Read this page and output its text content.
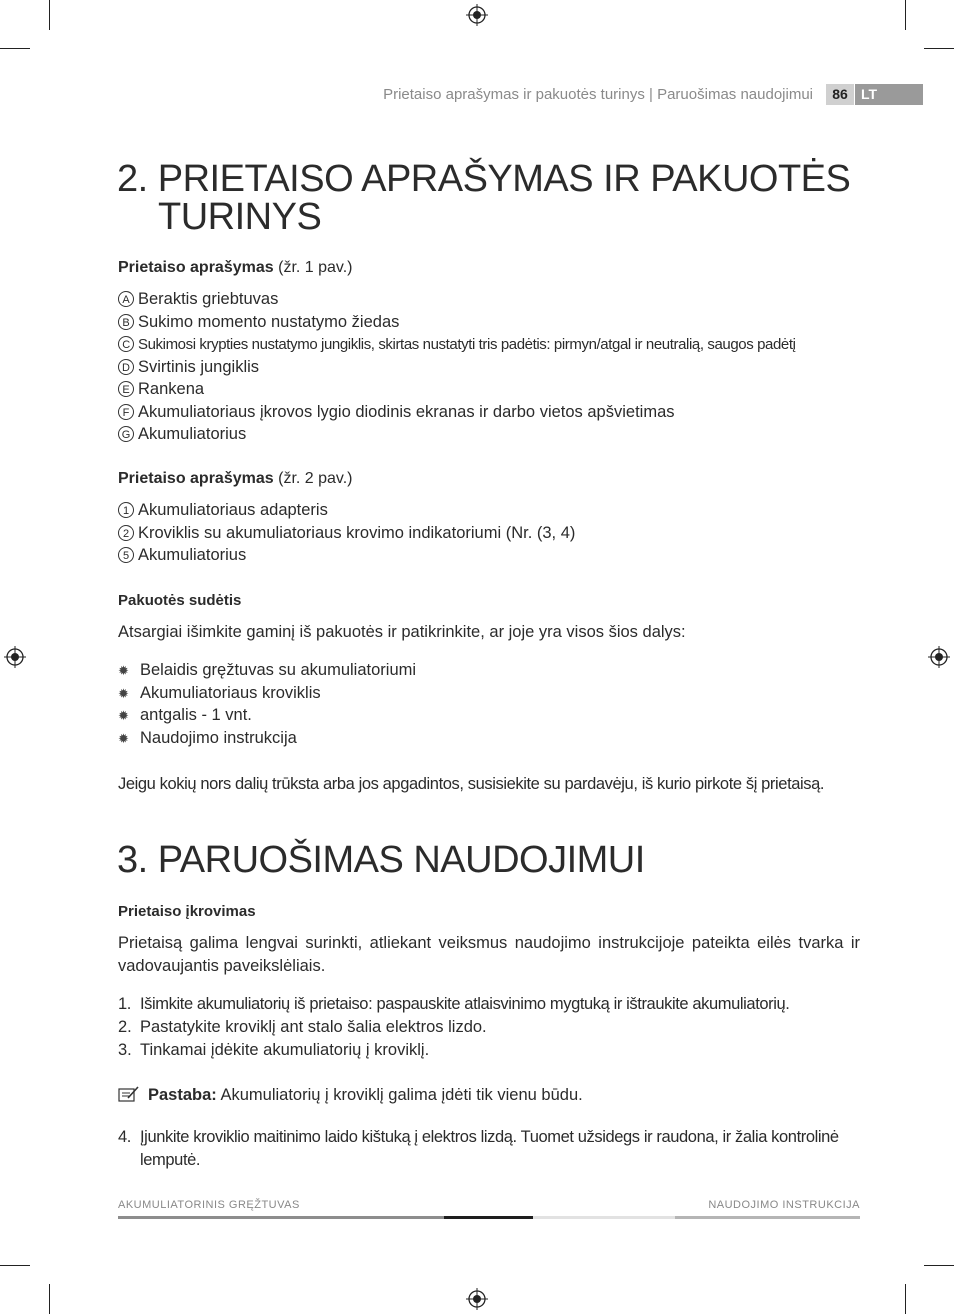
Prietaiso aprašymas ir pakuotės turinys | Paruošimas naudojimui	86 LT
2. PRIETAISO APRAŠYMAS IR PAKUOTĖS
TURINYS
Prietaiso aprašymas (žr. 1 pav.)
A Beraktis griebtuvas
B Sukimo momento nustatymo žiedas
C Sukimosi krypties nustatymo jungiklis, skirtas nustatyti tris padėtis: pirmyn/atgal ir neutralią, saugos padėtį
D Svirtinis jungiklis
E Rankena
F Akumuliatoriaus įkrovos lygio diodinis ekranas ir darbo vietos apšvietimas
G Akumuliatorius
Prietaiso aprašymas (žr. 2 pav.)
1 Akumuliatoriaus adapteris
2 Kroviklis su akumuliatoriaus krovimo indikatoriumi (Nr. (3, 4)
5 Akumuliatorius
Pakuotės sudėtis
Atsargiai išimkite gaminį iš pakuotės ir patikrinkite, ar joje yra visos šios dalys:
✹ Belaidis gręžtuvas su akumuliatoriumi
✹ Akumuliatoriaus kroviklis
✹ antgalis - 1 vnt.
✹ Naudojimo instrukcija
Jeigu kokių nors dalių trūksta arba jos apgadintos, susisiekite su pardavėju, iš kurio pirkote šį prietaisą.
3. PARUOŠIMAS NAUDOJIMUI
Prietaiso įkrovimas
Prietaisą galima lengvai surinkti, atliekant veiksmus naudojimo instrukcijoje pateikta eilės tvarka ir vadovaujantis paveikslėliais.
1. Išimkite akumuliatorių iš prietaiso: paspauskite atlaisvinimo mygtuką ir ištraukite akumuliatorių.
2. Pastatykite kroviklį ant stalo šalia elektros lizdo.
3. Tinkamai įdėkite akumuliatorių į kroviklį.
Pastaba: Akumuliatorių į kroviklį galima įdėti tik vienu būdu.
4. Įjunkite kroviklio maitinimo laido kištuką į elektros lizdą. Tuomet užsidegs ir raudona, ir žalia kontrolinė lemputė.
AKUMULIATORINIS GRĘŽTUVAS	NAUDOJIMO INSTRUKCIJA
